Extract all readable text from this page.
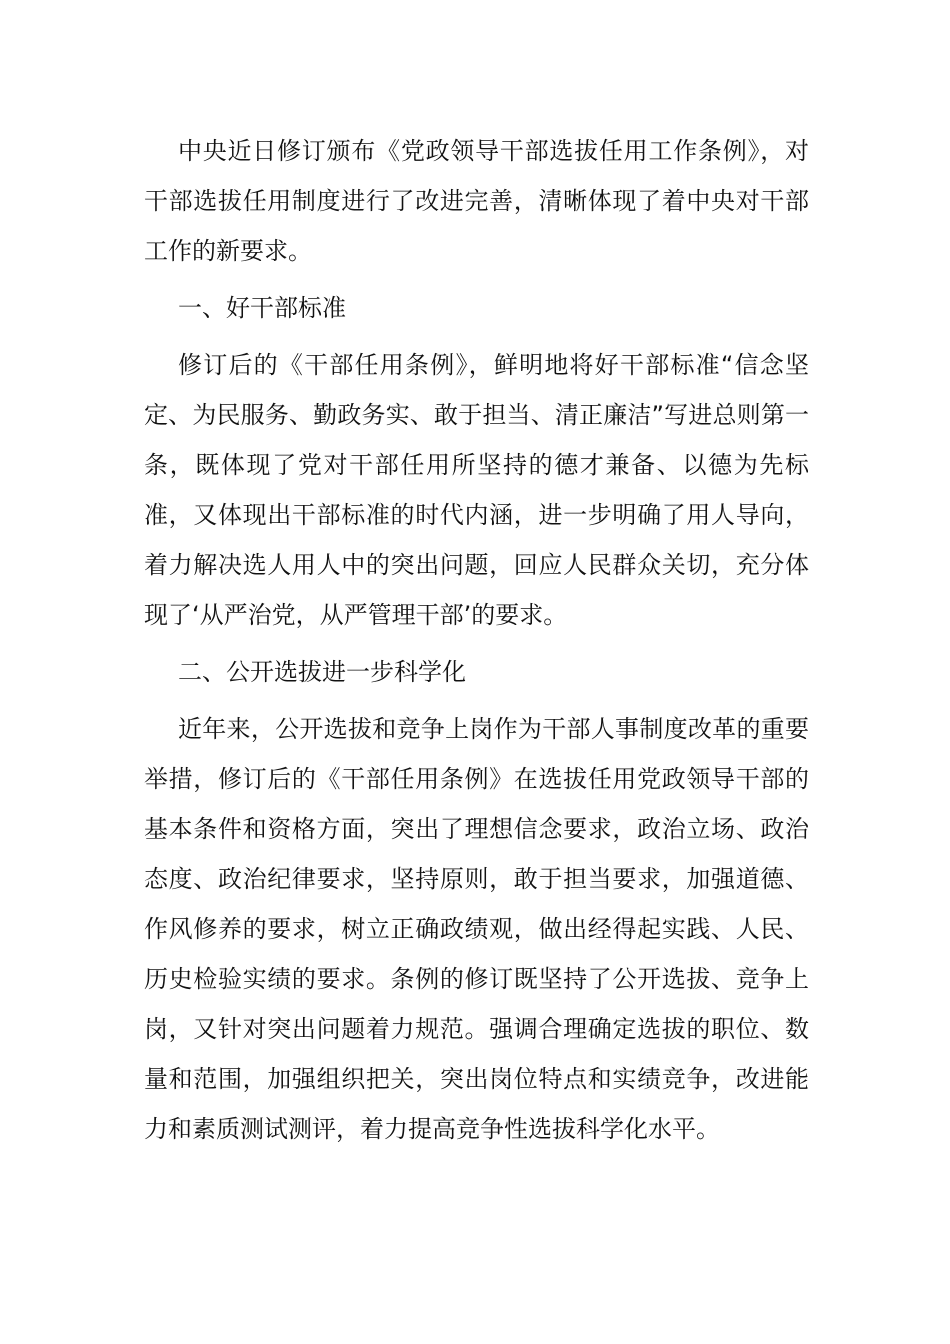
中央近日修订颁布《党政领导干部选拔任用工作条例》，对干部选拔任用制度进行了改进完善，清晰体现了着中央对干部工作的新要求。

一、好干部标准

修订后的《干部任用条例》，鲜明地将好干部标准“信念坚定、为民服务、勤政务实、敢于担当、清正廉洁”写进总则第一条，既体现了党对干部任用所坚持的德才兼备、以德为先标准，又体现出干部标准的时代内涵，进一步明确了用人导向，着力解决选人用人中的突出问题，回应人民群众关切，充分体现了‘从严治党，从严管理干部’的要求。

二、公开选拔进一步科学化

近年来，公开选拔和竞争上岗作为干部人事制度改革的重要举措，修订后的《干部任用条例》在选拔任用党政领导干部的基本条件和资格方面，突出了理想信念要求，政治立场、政治态度、政治纪律要求，坚持原则，敢于担当要求，加强道德、作风修养的要求，树立正确政绩观，做出经得起实践、人民、历史检验实绩的要求。条例的修订既坚持了公开选拔、竞争上岗，又针对突出问题着力规范。强调合理确定选拔的职位、数量和范围，加强组织把关，突出岗位特点和实绩竞争，改进能力和素质测试测评，着力提高竞争性选拔科学化水平。
